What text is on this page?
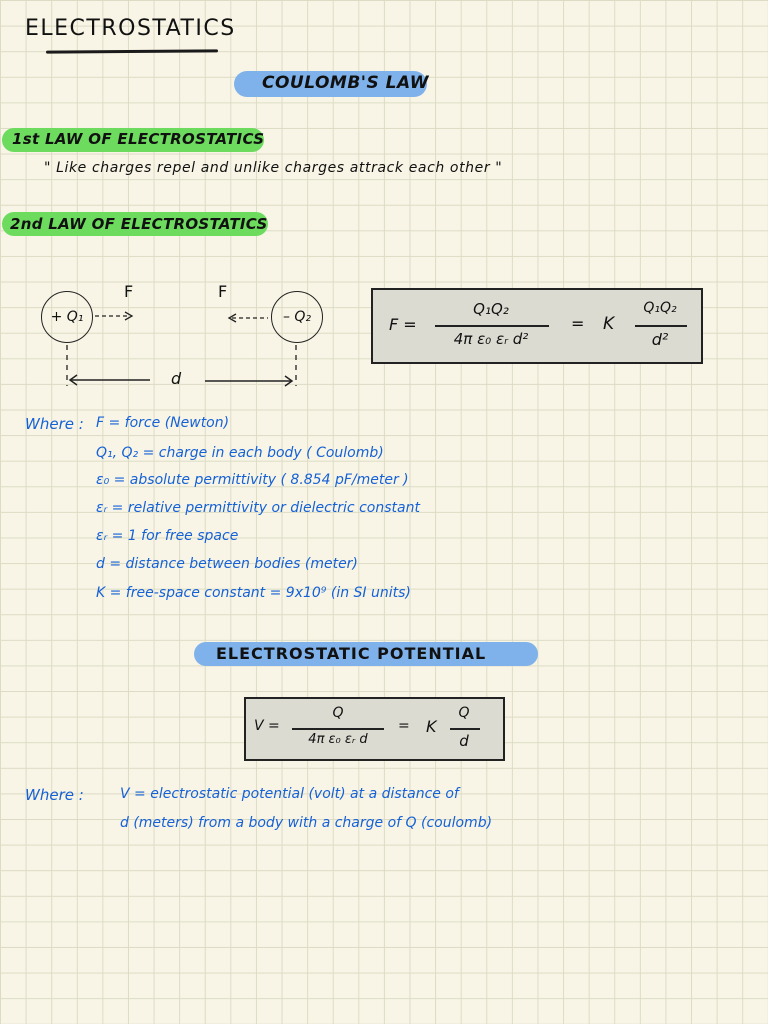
ELECTROSTATICS
COULOMB'S LAW
1st LAW OF ELECTROSTATICS
" Like charges repel and unlike charges attrack each other "
2nd LAW OF ELECTROSTATICS
+ Q₁	– Q₂
F	F
d
F =
Q₁Q₂
4π ε₀ εᵣ d²
= K
Q₁Q₂
d²
Where : F = force (Newton)
Q₁, Q₂ = charge in each body ( Coulomb)
ε₀ = absolute permittivity ( 8.854 pF/meter )
εᵣ = relative permittivity or dielectric constant
εᵣ = 1 for free space
d = distance between bodies (meter)
K = free-space constant = 9x10⁹ (in SI units)
ELECTROSTATIC POTENTIAL
V =
Q
4π ε₀ εᵣ d
= K
Q
d
Where :	V = electrostatic potential (volt) at a distance of
d (meters) from a body with a charge of Q (coulomb)
